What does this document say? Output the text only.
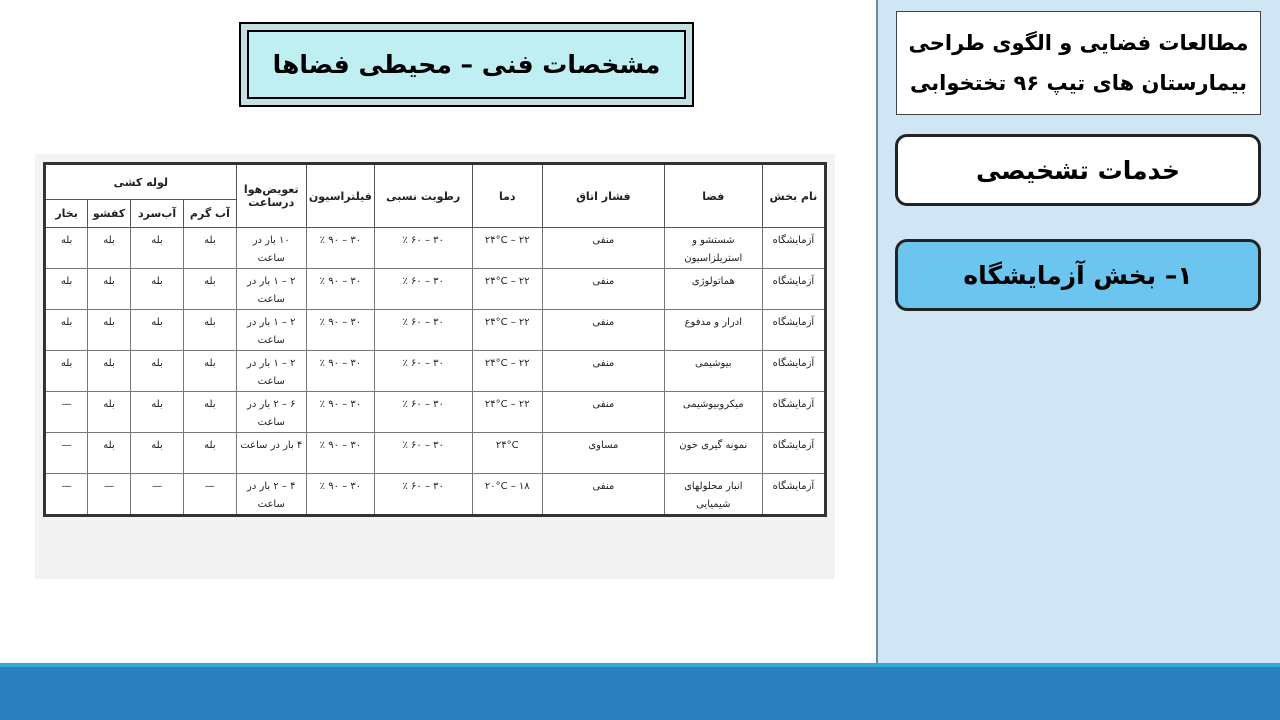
مشخصات فنی – محیطی فضاها
نام بخش	فضا	فشار اتاق	دما	رطوبت نسبی	فیلتراسیون	تعویض‌هوا درساعت	لوله کشی			
							آب گرم	آب‌سرد	کفشو	بخار
آزمایشگاه	شستشو و استریلزاسیون	منفی	۲۲ – ۲۴°C	۳۰ – ۶۰ ٪	۳۰ – ۹۰ ٪	۱۰ بار در ساعت	بله	بله	بله	بله
آزمایشگاه	هماتولوژی	منفی	۲۲ – ۲۴°C	۳۰ – ۶۰ ٪	۳۰ – ۹۰ ٪	۲ – ۱ بار در ساعت	بله	بله	بله	بله
آزمایشگاه	ادرار و مدفوع	منفی	۲۲ – ۲۴°C	۳۰ – ۶۰ ٪	۳۰ – ۹۰ ٪	۲ – ۱ بار در ساعت	بله	بله	بله	بله
آزمایشگاه	بیوشیمی	منفی	۲۲ – ۲۴°C	۳۰ – ۶۰ ٪	۳۰ – ۹۰ ٪	۲ – ۱ بار در ساعت	بله	بله	بله	بله
آزمایشگاه	میکروبیوشیمی	منفی	۲۲ – ۲۴°C	۳۰ – ۶۰ ٪	۳۰ – ۹۰ ٪	۶ – ۲ بار در ساعت	بله	بله	بله	—
آزمایشگاه	نمونه گیری خون	مساوی	۲۴°C	۳۰ – ۶۰ ٪	۳۰ – ۹۰ ٪	۴ بار در ساعت	بله	بله	بله	—
آزمایشگاه	انبار محلولهای شیمیایی	منفی	۱۸ – ۲۰°C	۳۰ – ۶۰ ٪	۳۰ – ۹۰ ٪	۴ – ۲ بار در ساعت	—	—	—	—
مطالعات فضایی و الگوی طراحی
بیمارستان های تیپ ۹۶ تختخوابی
خدمات تشخیصی
۱– بخش آزمایشگاه
